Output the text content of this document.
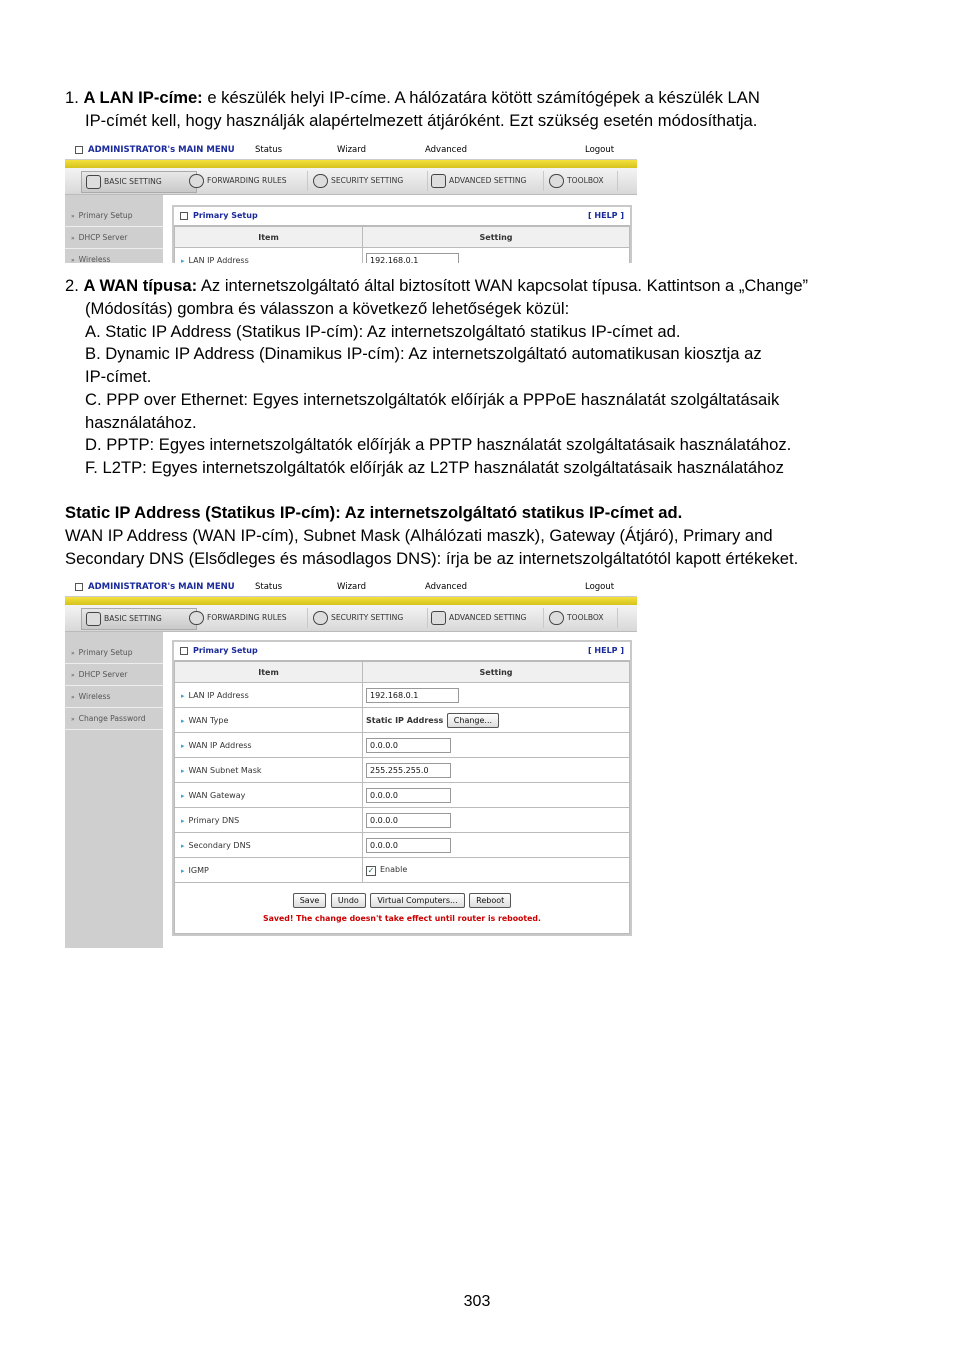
1. A LAN IP-címe: e készülék helyi IP-címe. A hálózatára kötött számítógépek a készülék LAN
IP-címét kell, hogy használják alapértelmezett átjáróként. Ezt szükség esetén módosíthatja.
ADMINISTRATOR's MAIN MENU Status	Wizard	Advanced	Logout
BASIC SETTING	FORWARDING RULES	SECURITY SETTING	ADVANCED SETTING	TOOLBOX
» Primary Setup
» DHCP Server
» Wireless
Primary Setup	[ HELP ]
Item	Setting
▸ LAN IP Address	192.168.0.1
2. A WAN típusa: Az internetszolgáltató által biztosított WAN kapcsolat típusa. Kattintson a „Change”
(Módosítás) gombra és válasszon a következő lehetőségek közül:
A. Static IP Address (Statikus IP-cím): Az internetszolgáltató statikus IP-címet ad.
B. Dynamic IP Address (Dinamikus IP-cím): Az internetszolgáltató automatikusan kiosztja az
IP-címet.
C. PPP over Ethernet: Egyes internetszolgáltatók előírják a PPPoE használatát szolgáltatásaik
használatához.
D. PPTP: Egyes internetszolgáltatók előírják a PPTP használatát szolgáltatásaik használatához.
F. L2TP: Egyes internetszolgáltatók előírják az L2TP használatát szolgáltatásaik használatához
Static IP Address (Statikus IP-cím): Az internetszolgáltató statikus IP-címet ad.
WAN IP Address (WAN IP-cím), Subnet Mask (Alhálózati maszk), Gateway (Átjáró), Primary and
Secondary DNS (Elsődleges és másodlagos DNS): írja be az internetszolgáltatótól kapott értékeket.
ADMINISTRATOR's MAIN MENU Status	Wizard	Advanced	Logout
BASIC SETTING	FORWARDING RULES	SECURITY SETTING	ADVANCED SETTING	TOOLBOX
» Primary Setup
» DHCP Server
» Wireless
» Change Password
Primary Setup	[ HELP ]
Item	Setting
▸ LAN IP Address	192.168.0.1
▸ WAN Type	Static IP Address Change...
▸ WAN IP Address	0.0.0.0
▸ WAN Subnet Mask	255.255.255.0
▸ WAN Gateway	0.0.0.0
▸ Primary DNS	0.0.0.0
▸ Secondary DNS	0.0.0.0
▸ IGMP	✓ Enable

Save Undo Virtual Computers... Reboot
Saved! The change doesn't take effect until router is rebooted.	
303
